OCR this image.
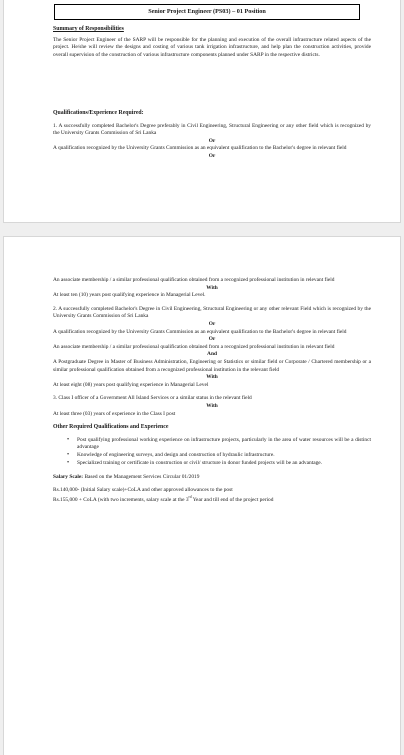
Senior Project Engineer (PS03) – 01 Position
Summary of Responsibilities
The Senior Project Engineer of the SARP will be responsible for the planning and execution of the overall infrastructure related aspects of the project. He/she will review the designs and costing of various tank irrigation infrastructure, and help plan the construction activities, provide overall supervision of the construction of various infrastructure components planned under SARP in the respective districts.
Qualifications/Experience Required:
1. A successfully completed Bachelor's Degree preferably in Civil Engineering, Structural Engineering or any other field which is recognized by the University Grants Commission of Sri Lanka
Or
A qualification recognized by the University Grants Commission as an equivalent qualification to the Bachelor's degree in relevant field
Or
An associate membership / a similar professional qualification obtained from a recognized professional institution in relevant field
With
At least ten (10) years post qualifying experience in Managerial Level.
2. A successfully completed Bachelor's Degree in Civil Engineering, Structural Engineering or any other relevant Field which is recognized by the University Grants Commission of Sri Lanka
Or
A qualification recognized by the University Grants Commission as an equivalent qualification to the Bachelor's degree in relevant field
Or
An associate membership / a similar professional qualification obtained from a recognized professional institution in relevant field
And
A Postgraduate Degree in Master of Business Administration, Engineering or Statistics or similar field or Corporate / Chartered membership or a similar professional qualification obtained from a recognized professional institution in the relevant field
With
At least eight (08) years post qualifying experience in Managerial Level
3. Class I officer of a Government All Island Services or a similar status in the relevant field
With
At least three (03) years of experience in the Class I post
Other Required Qualifications and Experience
• Post qualifying professional working experience on infrastructure projects, particularly in the area of water resources will be a distinct advantage
• Knowledge of engineering surveys, and design and construction of hydraulic infrastructure.
• Specialized training or certificate in construction or civil/ structure in donor funded projects will be an advantage.
Salary Scale: Based on the Management Services Circular 01/2019
Rs.140,000- (Initial Salary scale)+CoLA and other approved allowances to the post
Rs.155,000 + CoLA (with two increments, salary scale at the 3rd Year and till end of the project period
